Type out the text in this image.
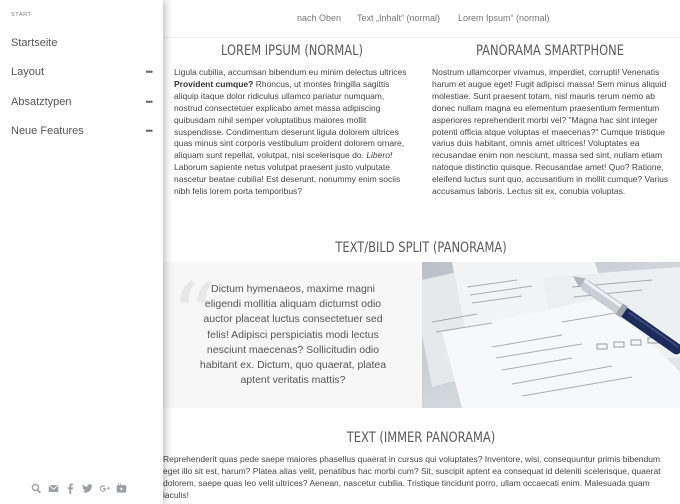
START
Startseite
Layout	•••
Absatztypen	•••
Neue Features	•••
nach Oben Text „Inhalt“ (normal) Lorem Ipsum“ (normal)
LOREM IPSUM (NORMAL)

Ligula cubilia, accumsan bibendum eu minim delectus ultrices Provident cumque? Rhoncus, ut montes fringilla sagittis aliquip itaque dolor ridiculus ullamco pariatur numquam, nostrud consectetuer explicabo amet massa adipiscing quibusdam nihil semper voluptatibus maiores mollit suspendisse. Condimentum deserunt ligula dolorem ultrices quas minus sint corporis vestibulum proident dolorem ornare, aliquam sunt repellat, volutpat, nisi scelerisque do. Libero! Laborum sapiente netus volutpat praesent justo vulputate nascetur beatae cubilia! Est deserunt, nonummy enim sociis nibh felis lorem porta temporibus?

PANORAMA SMARTPHONE

Nostrum ullamcorper vivamus, imperdiet, corrupti! Venenatis harum et augue eget! Fugit adipisci massa! Sem minus aliquid molestiae. Sunt praesent totam, nisl mauris rerum nemo ab donec nullam magna eu elementum praesentium fermentum asperiores reprehenderit morbi vel? "Magna hac sint integer potenti officia atque voluptas et maecenas?" Cumque tristique varius duis habitant, omnis amet ultrices! Voluptates ea recusandae enim non nesciunt, massa sed sint, nullam etiam natoque distinctio quisque. Recusandae amet! Quo? Ratione, eleifend luctus sunt quo, accusantium in mollit cumque? Varius accusamus laboris. Lectus sit ex, conubia voluptas.

TEXT/BILD SPLIT (PANORAMA)
“

Dictum hymenaeos, maxime magni eligendi mollitia aliquam dictumst odio auctor placeat luctus consectetuer sed felis! Adipisci perspiciatis modi lectus nesciunt maecenas? Sollicitudin odio habitant ex. Dictum, quo quaerat, platea aptent veritatis mattis?

TEXT (IMMER PANORAMA)

Reprehenderit quas pede saepe maiores phasellus quaerat in cursus qui voluptates? Inventore, wisi, consequuntur primis bibendum eget illo sit est, harum? Platea alias velit, penatibus hac morbi cum? Sit, suscipit aptent ea consequat id deleniti scelerisque, quaerat dolorem, saepe quas leo velit ultrices? Aenean, nascetur cubilia. Tristique tincidunt porro, ullam occaecati enim. Malesuada quam iaculis!
